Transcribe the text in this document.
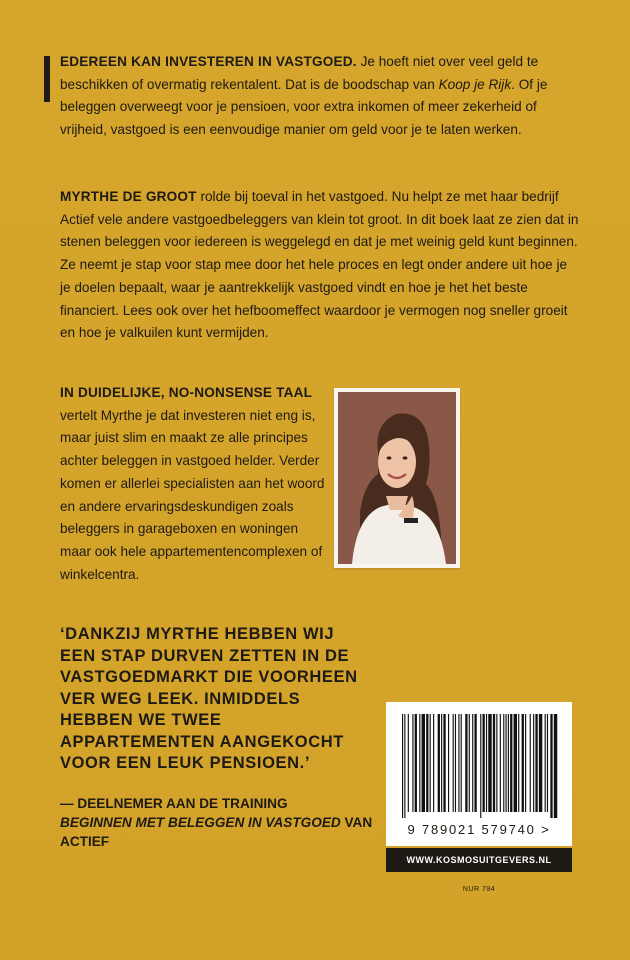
EDEREEN KAN INVESTEREN IN VASTGOED. Je hoeft niet over veel geld te beschikken of overmatig rekentalent. Dat is de boodschap van Koop je Rijk. Of je beleggen overweegt voor je pensioen, voor extra inkomen of meer zekerheid of vrijheid, vastgoed is een eenvoudige manier om geld voor je te laten werken.

MYRTHE DE GROOT rolde bij toeval in het vastgoed. Nu helpt ze met haar bedrijf Actief vele andere vastgoedbeleggers van klein tot groot. In dit boek laat ze zien dat in stenen beleggen voor iedereen is weggelegd en dat je met weinig geld kunt beginnen. Ze neemt je stap voor stap mee door het hele proces en legt onder andere uit hoe je je doelen bepaalt, waar je aantrekkelijk vastgoed vindt en hoe je het het beste financiert. Lees ook over het hefboomeffect waardoor je vermogen nog sneller groeit en hoe je valkuilen kunt vermijden.

IN DUIDELIJKE, NO-NONSENSE TAAL
vertelt Myrthe je dat investeren niet eng is, maar juist slim en maakt ze alle principes achter beleggen in vastgoed helder. Verder komen er allerlei specialisten aan het woord en andere ervaringsdeskundigen zoals beleggers in garageboxen en woningen maar ook hele appartementencomplexen of winkelcentra.

‘DANKZIJ MYRTHE HEBBEN WIJ EEN STAP DURVEN ZETTEN IN DE VASTGOEDMARKT DIE VOORHEEN VER WEG LEEK. INMIDDELS HEBBEN WE TWEE APPARTEMENTEN AANGEKOCHT VOOR EEN LEUK PENSIOEN.’

— DEELNEMER AAN DE TRAINING
BEGINNEN MET BELEGGEN IN VASTGOED VAN ACTIEF

9 789021 579740 >
WWW.KOSMOSUITGEVERS.NL
NUR 794
